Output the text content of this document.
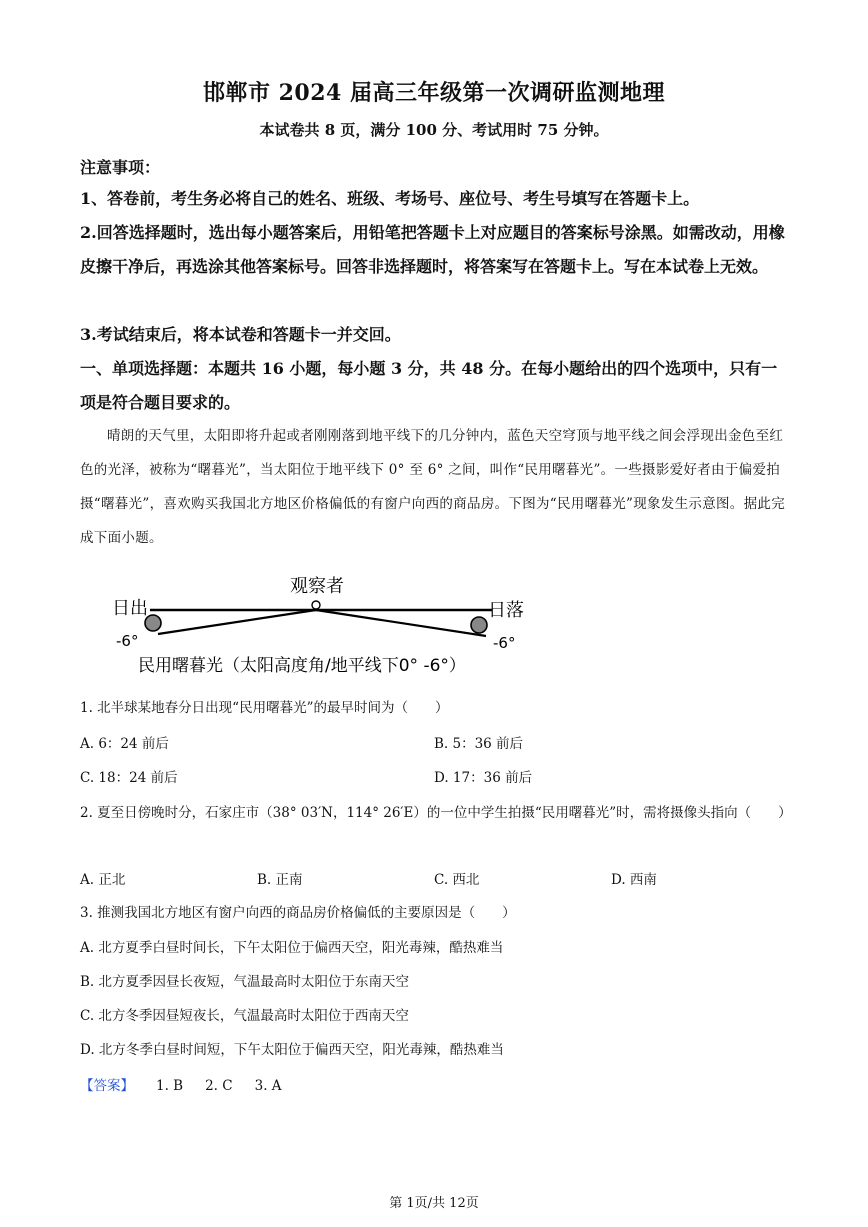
邯郸市 2024 届高三年级第一次调研监测地理
本试卷共 8 页，满分 100 分、考试用时 75 分钟。

注意事项：

1、答卷前，考生务必将自己的姓名、班级、考场号、座位号、考生号填写在答题卡上。

2.回答选择题时，选出每小题答案后，用铅笔把答题卡上对应题目的答案标号涂黑。如需改动，用橡皮擦干净后，再选涂其他答案标号。回答非选择题时，将答案写在答题卡上。写在本试卷上无效。

3.考试结束后，将本试卷和答题卡一并交回。

一、单项选择题：本题共 16 小题，每小题 3 分，共 48 分。在每小题给出的四个选项中，只有一项是符合题目要求的。

晴朗的天气里，太阳即将升起或者刚刚落到地平线下的几分钟内，蓝色天空穹顶与地平线之间会浮现出金色至红色的光泽，被称为“曙暮光”，当太阳位于地平线下 0° 至 6° 之间，叫作“民用曙暮光”。一些摄影爱好者由于偏爱拍摄“曙暮光”，喜欢购买我国北方地区价格偏低的有窗户向西的商品房。下图为“民用曙暮光”现象发生示意图。据此完成下面小题。

观察者
日出	日落
-6°	-6°
民用曙暮光（太阳高度角/地平线下0° -6°）

1. 北半球某地春分日出现“民用曙暮光”的最早时间为（　　）

A. 6：24 前后	B. 5：36 前后
C. 18：24 前后	D. 17：36 前后

2. 夏至日傍晚时分，石家庄市（38° 03′N，114° 26′E）的一位中学生拍摄“民用曙暮光”时，需将摄像头指向（　　）

A. 正北	B. 正南	C. 西北	D. 西南

3. 推测我国北方地区有窗户向西的商品房价格偏低的主要原因是（　　）

A. 北方夏季白昼时间长，下午太阳位于偏西天空，阳光毒辣，酷热难当
B. 北方夏季因昼长夜短，气温最高时太阳位于东南天空
C. 北方冬季因昼短夜长，气温最高时太阳位于西南天空
D. 北方冬季白昼时间短，下午太阳位于偏西天空，阳光毒辣，酷热难当
【答案】 1. B 2. C 3. A
第 1页/共 12页
